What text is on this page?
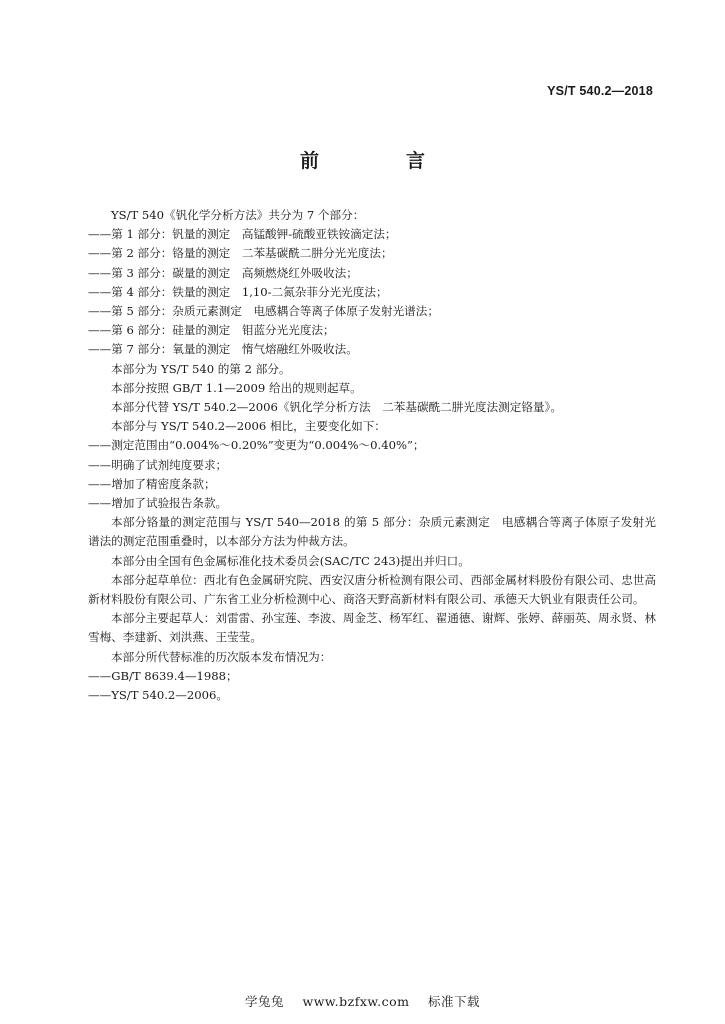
YS/T 540.2—2018
前　言

YS/T 540《钒化学分析方法》共分为 7 个部分：

——第 1 部分：钒量的测定　高锰酸钾-硫酸亚铁铵滴定法；

——第 2 部分：铬量的测定　二苯基碳酰二肼分光光度法；

——第 3 部分：碳量的测定　高频燃烧红外吸收法；

——第 4 部分：铁量的测定　1,10-二氮杂菲分光光度法；

——第 5 部分：杂质元素测定　电感耦合等离子体原子发射光谱法；

——第 6 部分：硅量的测定　钼蓝分光光度法；

——第 7 部分：氧量的测定　惰气熔融红外吸收法。

本部分为 YS/T 540 的第 2 部分。

本部分按照 GB/T 1.1—2009 给出的规则起草。

本部分代替 YS/T 540.2—2006《钒化学分析方法　二苯基碳酰二肼光度法测定铬量》。

本部分与 YS/T 540.2—2006 相比，主要变化如下：

——测定范围由“0.004%～0.20%”变更为“0.004%～0.40%”；

——明确了试剂纯度要求；

——增加了精密度条款；

——增加了试验报告条款。

本部分铬量的测定范围与 YS/T 540—2018 的第 5 部分：杂质元素测定　电感耦合等离子体原子发射光谱法的测定范围重叠时，以本部分方法为仲裁方法。

本部分由全国有色金属标准化技术委员会(SAC/TC 243)提出并归口。

本部分起草单位：西北有色金属研究院、西安汉唐分析检测有限公司、西部金属材料股份有限公司、忠世高新材料股份有限公司、广东省工业分析检测中心、商洛天野高新材料有限公司、承德天大钒业有限责任公司。

本部分主要起草人：刘雷雷、孙宝莲、李波、周金芝、杨军红、翟通德、谢辉、张婷、薛丽英、周永贤、林雪梅、李建新、刘洪燕、王莹莹。

本部分所代替标准的历次版本发布情况为：

——GB/T 8639.4—1988；

——YS/T 540.2—2006。

学兔兔 www.bzfxw.com 标准下载
